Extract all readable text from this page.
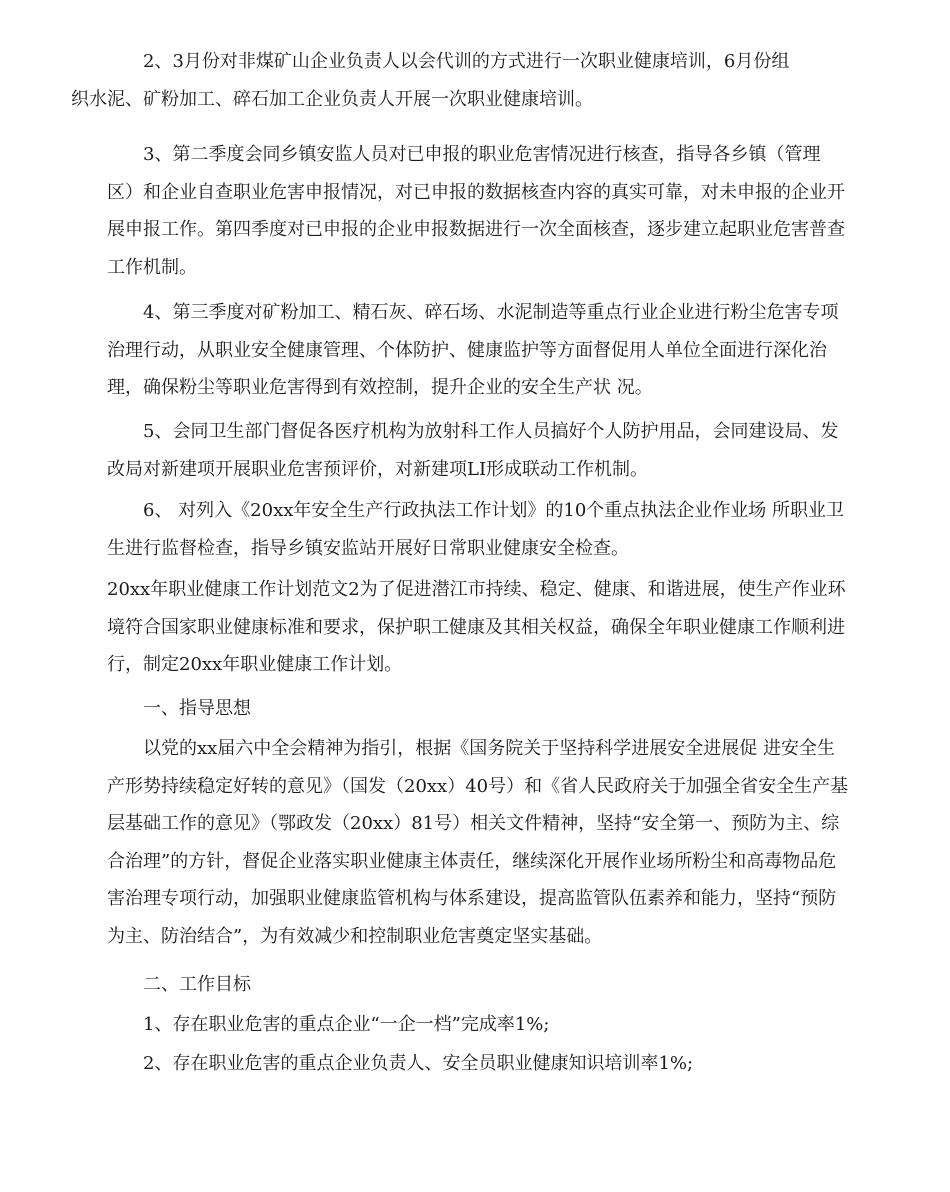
2、3月份对非煤矿山企业负责人以会代训的方式进行一次职业健康培训，6月份组
织水泥、矿粉加工、碎石加工企业负责人开展一次职业健康培训。
3、第二季度会同乡镇安监人员对已申报的职业危害情况进行核查，指导各乡镇（管理
区）和企业自查职业危害申报情况，对已申报的数据核查内容的真实可靠，对未申报的企业开
展申报工作。第四季度对已申报的企业申报数据进行一次全面核查，逐步建立起职业危害普查
工作机制。
4、第三季度对矿粉加工、精石灰、碎石场、水泥制造等重点行业企业进行粉尘危害专项
治理行动，从职业安全健康管理、个体防护、健康监护等方面督促用人单位全面进行深化治
理，确保粉尘等职业危害得到有效控制，提升企业的安全生产状 况。
5、会同卫生部门督促各医疗机构为放射科工作人员搞好个人防护用品，会同建设局、发
改局对新建项开展职业危害预评价，对新建项LI形成联动工作机制。
6、 对列入《20xx年安全生产行政执法工作计划》的10个重点执法企业作业场 所职业卫
生进行监督检查，指导乡镇安监站开展好日常职业健康安全检查。
20xx年职业健康工作计划范文2为了促进潜江市持续、稳定、健康、和谐进展，使生产作业环
境符合国家职业健康标准和要求，保护职工健康及其相关权益，确保全年职业健康工作顺利进
行，制定20xx年职业健康工作计划。
一、指导思想
以党的xx届六中全会精神为指引，根据《国务院关于坚持科学进展安全进展促 进安全生
产形势持续稳定好转的意见》（国发（20xx）40号）和《省人民政府关于加强全省安全生产基
层基础工作的意见》（鄂政发（20xx）81号）相关文件精神，坚持“安全第一、预防为主、综
合治理”的方针，督促企业落实职业健康主体责任，继续深化开展作业场所粉尘和高毒物品危
害治理专项行动，加强职业健康监管机构与体系建设，提高监管队伍素养和能力，坚持“预防
为主、防治结合”，为有效减少和控制职业危害奠定坚实基础。
二、工作目标
1、存在职业危害的重点企业“一企一档”完成率1%;
2、存在职业危害的重点企业负责人、安全员职业健康知识培训率1%;
